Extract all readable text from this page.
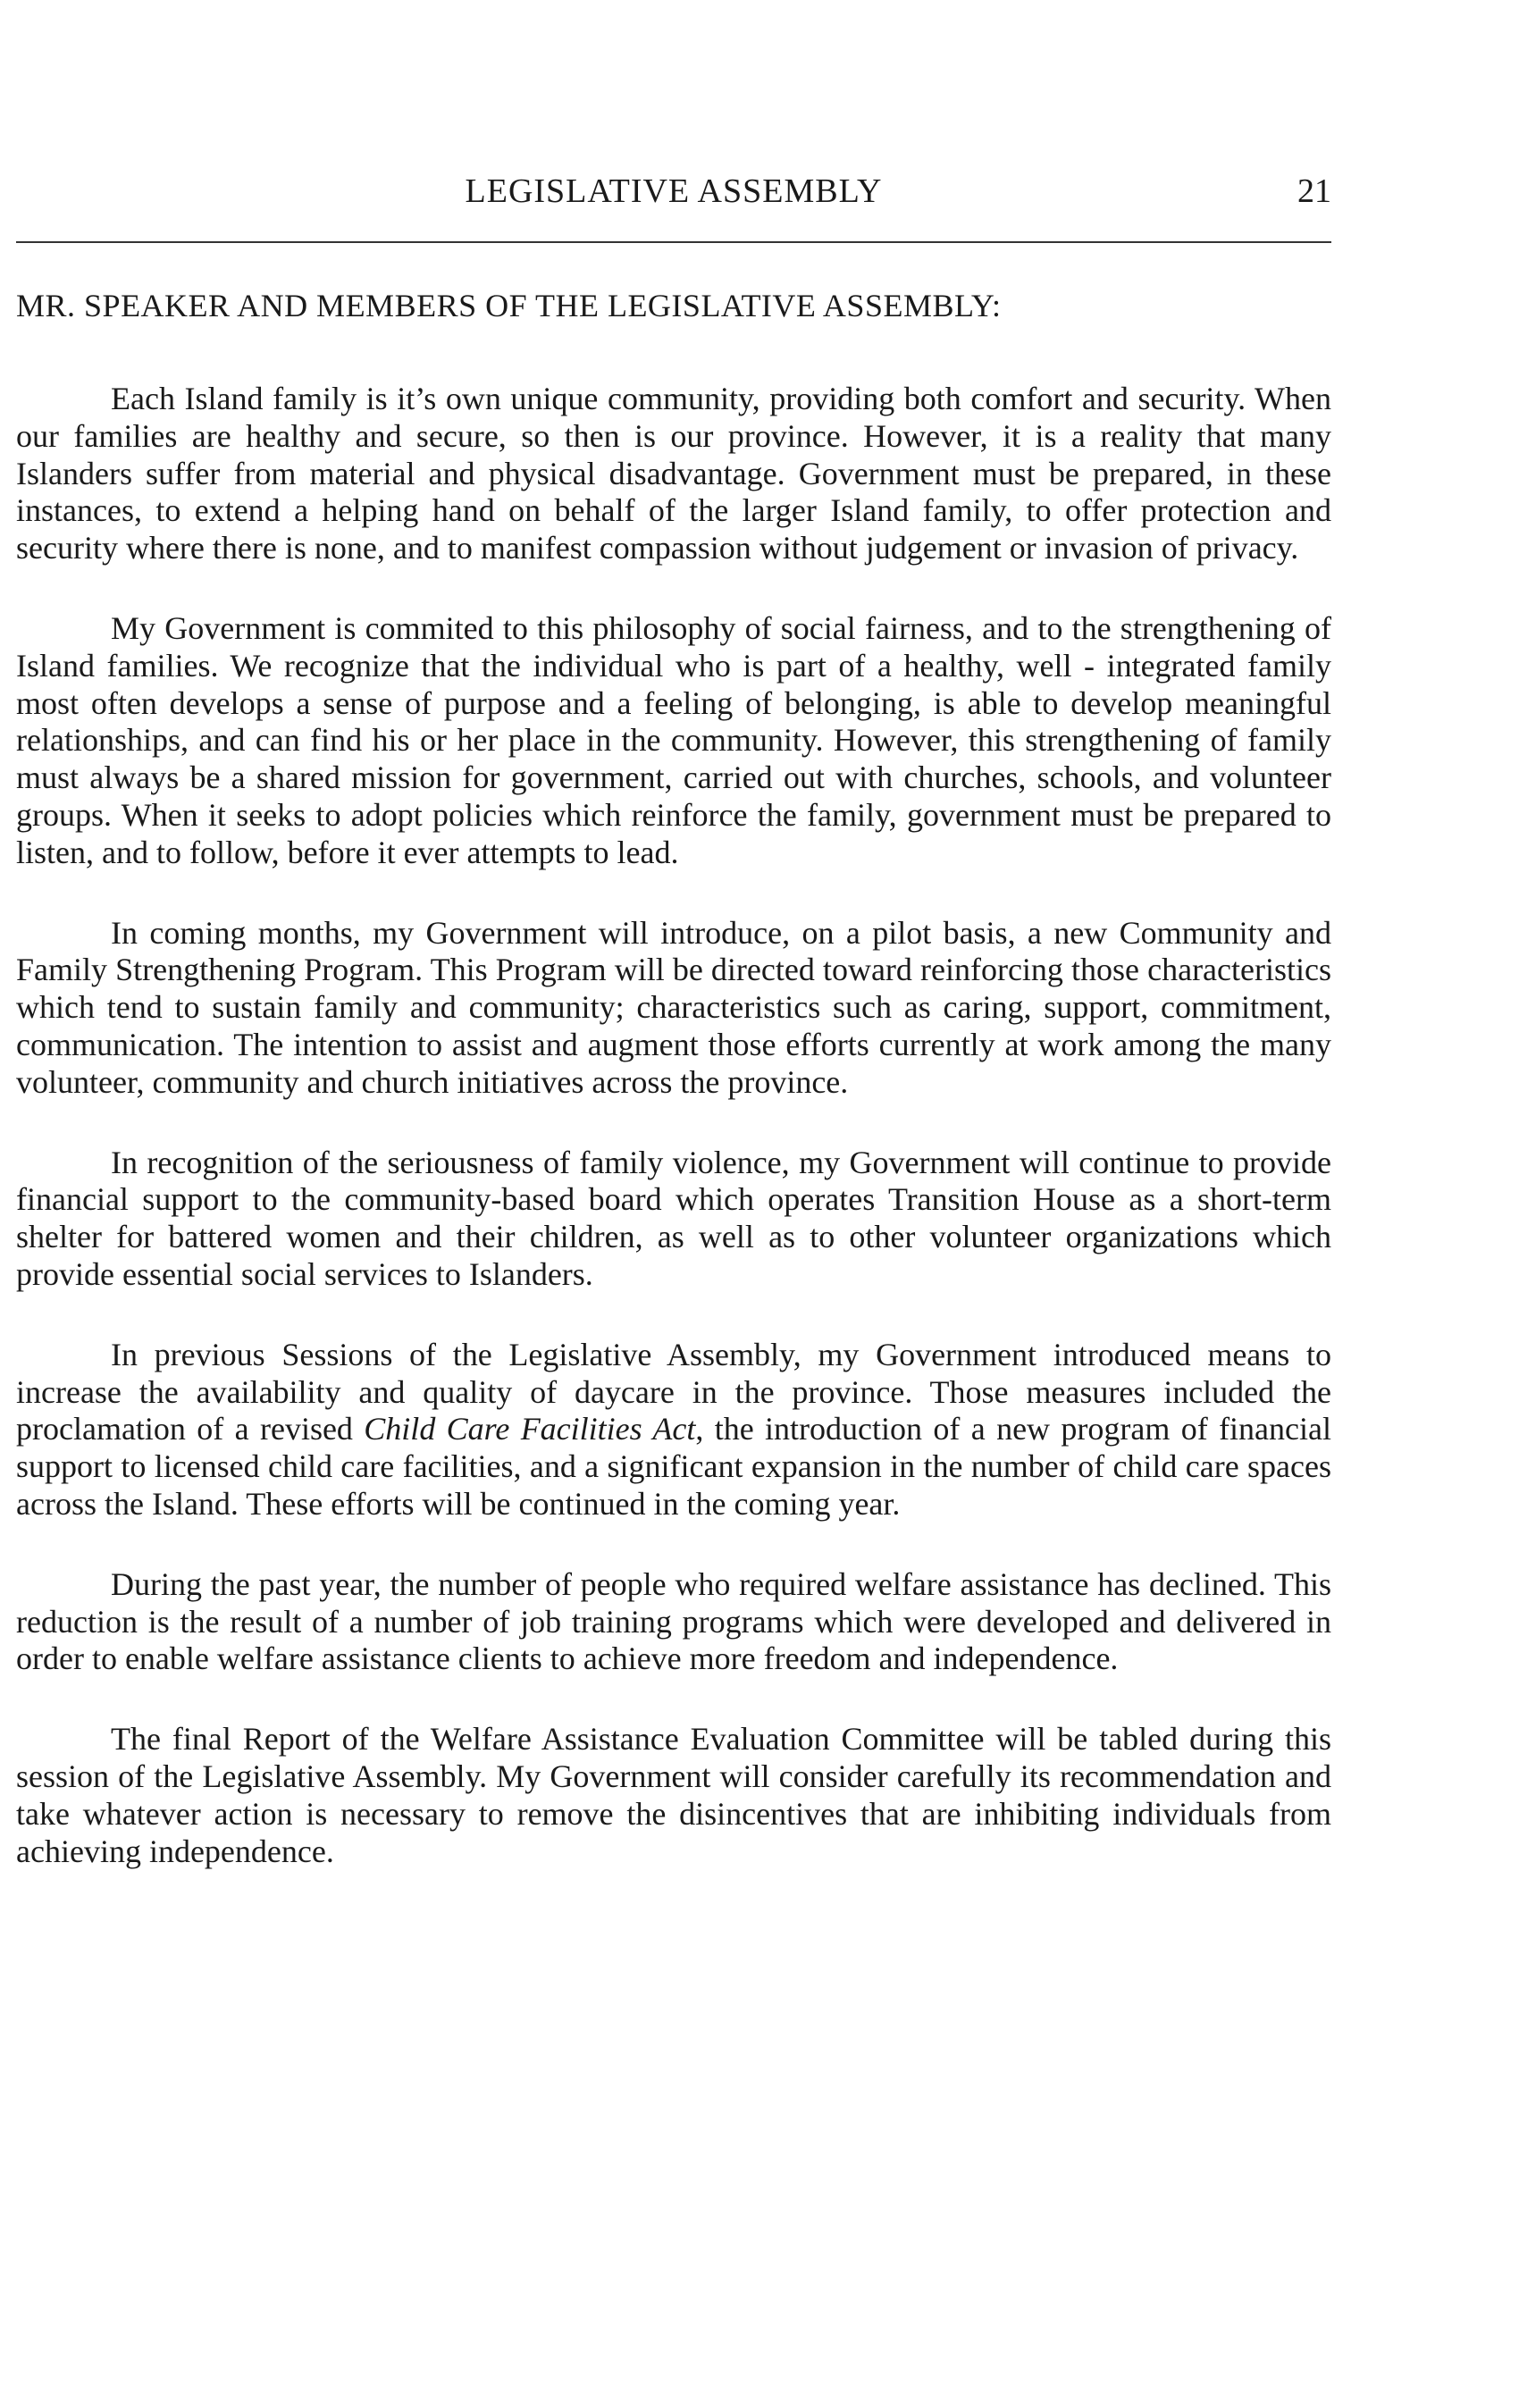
LEGISLATIVE ASSEMBLY	21

MR. SPEAKER AND MEMBERS OF THE LEGISLATIVE ASSEMBLY:

Each Island family is it’s own unique community, providing both comfort and security. When our families are healthy and secure, so then is our province. However, it is a reality that many Islanders suffer from material and physical disadvantage. Government must be prepared, in these instances, to extend a helping hand on behalf of the larger Island family, to offer protection and security where there is none, and to manifest compassion without judgement or invasion of privacy.

My Government is commited to this philosophy of social fairness, and to the strengthening of Island families. We recognize that the individual who is part of a healthy, well - integrated family most often develops a sense of purpose and a feeling of belonging, is able to develop meaningful relationships, and can find his or her place in the community. However, this strengthening of family must always be a shared mission for government, carried out with churches, schools, and volunteer groups. When it seeks to adopt policies which reinforce the family, government must be prepared to listen, and to follow, before it ever attempts to lead.

In coming months, my Government will introduce, on a pilot basis, a new Community and Family Strengthening Program. This Program will be directed toward reinforcing those characteristics which tend to sustain family and community; characteristics such as caring, support, commitment, communication. The intention to assist and augment those efforts currently at work among the many volunteer, community and church initiatives across the province.

In recognition of the seriousness of family violence, my Government will continue to provide financial support to the community-based board which operates Transition House as a short-term shelter for battered women and their children, as well as to other volunteer organizations which provide essential social services to Islanders.

In previous Sessions of the Legislative Assembly, my Government introduced means to increase the availability and quality of daycare in the province. Those measures included the proclamation of a revised Child Care Facilities Act, the introduction of a new program of financial support to licensed child care facilities, and a significant expansion in the number of child care spaces across the Island. These efforts will be continued in the coming year.

During the past year, the number of people who required welfare assistance has declined. This reduction is the result of a number of job training programs which were developed and delivered in order to enable welfare assistance clients to achieve more freedom and independence.

The final Report of the Welfare Assistance Evaluation Committee will be tabled during this session of the Legislative Assembly. My Government will consider carefully its recommendation and take whatever action is necessary to remove the disincentives that are inhibiting individuals from achieving independence.
